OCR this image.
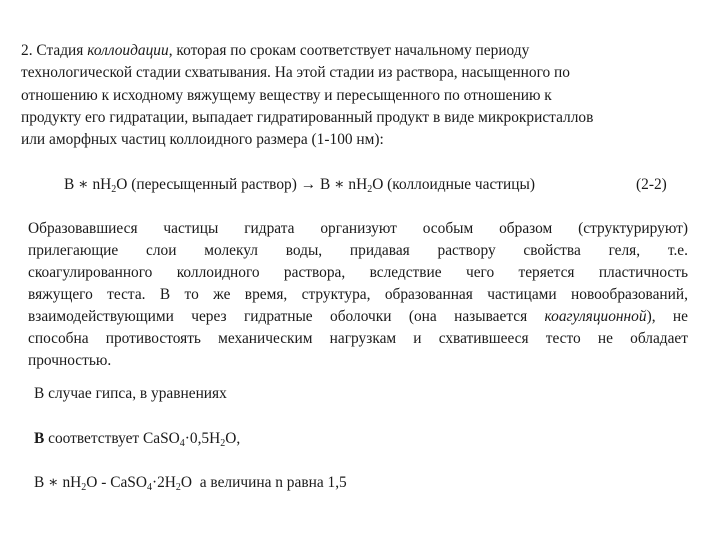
2. Стадия коллоидации, которая по срокам соответствует начальному периоду
технологической стадии схватывания. На этой стадии из раствора, насыщенного по
отношению к исходному вяжущему веществу и пересыщенного по отношению к
продукту его гидратации, выпадает гидратированный продукт в виде микрокристаллов
или аморфных частиц коллоидного размера (1-100 нм):
B ∗ $nH_2O$ (пересыщенный раствор) → B ∗ $nH_2O$ (коллоидные частицы)	(2-2)
Образовавшиеся частицы гидрата организуют особым образом (структурируют)
прилегающие слои молекул воды, придавая раствору свойства геля, т.е.
скоагулированного коллоидного раствора, вследствие чего теряется пластичность
вяжущего теста. В то же время, структура, образованная частицами новообразований,
взаимодействующими через гидратные оболочки (она называется коагуляционной), не
способна противостоять механическим нагрузкам и схватившееся тесто не обладает
прочностью.
В случае гипса, в уравнениях
B соответствует $CaSO_4\cdot 0,5H_2O$,
B ∗ $nH_2O$ - $CaSO_4\cdot 2H_2O$ а величина n равна 1,5
